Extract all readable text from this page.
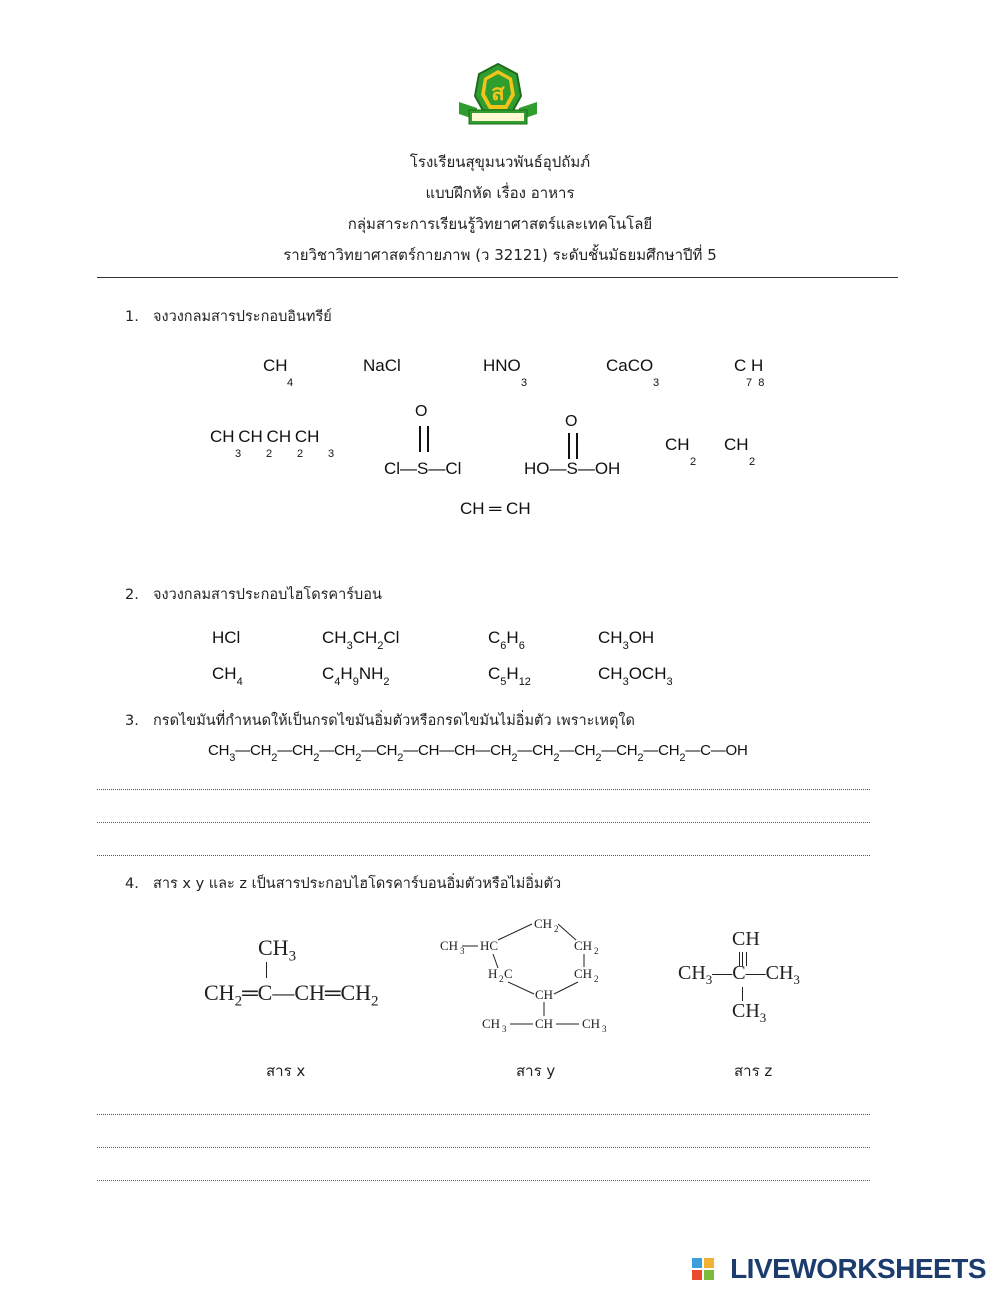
ส
โรงเรียนสุขุมนวพันธ์อุปถัมภ์
แบบฝึกหัด เรื่อง อาหาร
กลุ่มสาระการเรียนรู้วิทยาศาสตร์และเทคโนโลยี
รายวิชาวิทยาศาสตร์กายภาพ (ว 32121) ระดับชั้นมัธยมศึกษาปีที่ 5
1. จงวงกลมสารประกอบอินทรีย์
CH
4
NaCl	HNO
3
CaCO
3
C H
7  8
CH CH CH CH
3 2 2 3
O
Cl—S—Cl
O
HO—S—OH
CH
2
CH
2
CH ═ CH
2. จงวงกลมสารประกอบไฮโดรคาร์บอน
HCl	$CH_3CH_2Cl$	$C_6H_6$	$CH_3OH$
$CH_4$	$C_4H_9NH_2$	$C_5H_{12}$	$CH_3OCH_3$
3. กรดไขมันที่กำหนดให้เป็นกรดไขมันอิ่มตัวหรือกรดไขมันไม่อิ่มตัว เพราะเหตุใด
$CH_3—CH_2—CH_2—CH_2—CH_2—CH—CH—CH_2—CH_2—CH_2—CH_2—CH_2—C—OH$
4. สาร x y และ z เป็นสารประกอบไฮโดรคาร์บอนอิ่มตัวหรือไม่อิ่มตัว
$CH_3$
$CH_2═C—CH═CH_2$
CH 2
CH 3 HC	CH 2
H 2 C	CH 2
CH
CH 3 CH CH 3
CH
$CH_3—C—CH_3$
$CH_3$
สาร x	สาร y	สาร z
LIVEWORKSHEETS
